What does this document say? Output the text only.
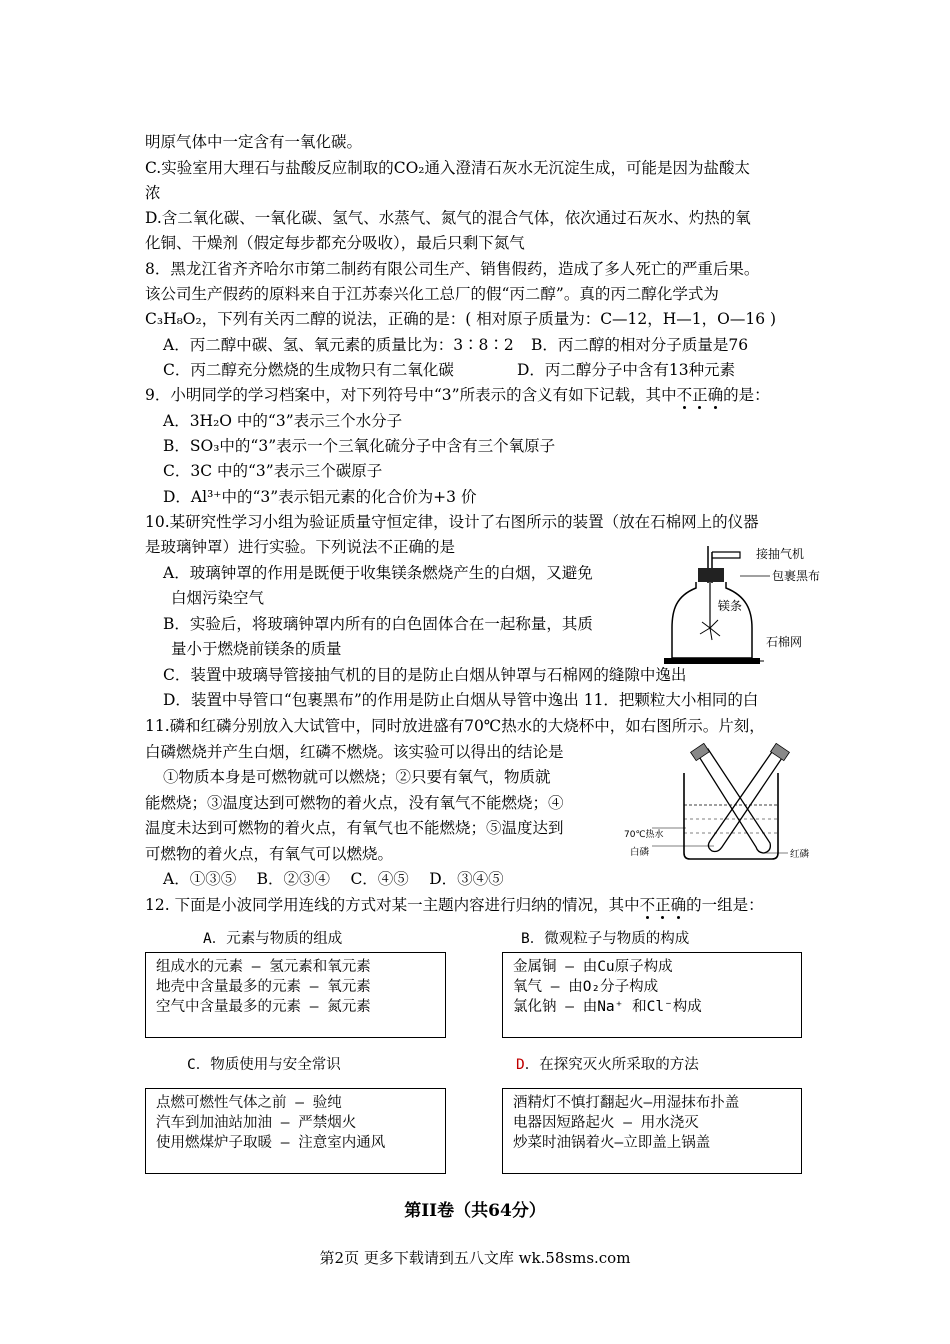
明原气体中一定含有一氧化碳。
C.实验室用大理石与盐酸反应制取的CO₂通入澄清石灰水无沉淀生成，可能是因为盐酸太
浓
D.含二氧化碳、一氧化碳、氢气、水蒸气、氮气的混合气体，依次通过石灰水、灼热的氧
化铜、干燥剂（假定每步都充分吸收），最后只剩下氮气
8．黑龙江省齐齐哈尔市第二制药有限公司生产、销售假药，造成了多人死亡的严重后果。
该公司生产假药的原料来自于江苏泰兴化工总厂的假“丙二醇”。真的丙二醇化学式为
C₃H₈O₂，下列有关丙二醇的说法，正确的是：( 相对原子质量为：C—12，H—1，O—16 )
A．丙二醇中碳、氢、氧元素的质量比为：3∶8∶2 B．丙二醇的相对分子质量是76
C．丙二醇充分燃烧的生成物只有二氧化碳	D．丙二醇分子中含有13种元素
9．小明同学的学习档案中，对下列符号中“3”所表示的含义有如下记载，其中不正确的是：
A．3H₂O 中的“3”表示三个水分子
B．SO₃中的“3”表示一个三氧化硫分子中含有三个氧原子
C．3C 中的“3”表示三个碳原子
D．Al³⁺中的“3”表示铝元素的化合价为+3 价
10.某研究性学习小组为验证质量守恒定律，设计了右图所示的装置（放在石棉网上的仪器
是玻璃钟罩）进行实验。下列说法不正确的是
A．玻璃钟罩的作用是既便于收集镁条燃烧产生的白烟，又避免
白烟污染空气
B．实验后，将玻璃钟罩内所有的白色固体合在一起称量，其质
量小于燃烧前镁条的质量
C．装置中玻璃导管接抽气机的目的是防止白烟从钟罩与石棉网的缝隙中逸出
D．装置中导管口“包裹黑布”的作用是防止白烟从导管中逸出 11．把颗粒大小相同的白
接抽气机
包裹黑布
镁条
石棉网
11.磷和红磷分别放入大试管中，同时放进盛有70℃热水的大烧杯中，如右图所示。片刻，
白磷燃烧并产生白烟，红磷不燃烧。该实验可以得出的结论是
①物质本身是可燃物就可以燃烧；②只要有氧气，物质就
能燃烧；③温度达到可燃物的着火点，没有氧气不能燃烧；④
温度未达到可燃物的着火点，有氧气也不能燃烧；⑤温度达到
可燃物的着火点，有氧气可以燃烧。
A．①③⑤　 B．②③④　 C．④⑤　 D．③④⑤
70℃热水
白磷	红磷
12. 下面是小波同学用连线的方式对某一主题内容进行归纳的情况，其中不正确的一组是：
A．元素与物质的组成
组成水的元素 — 氢元素和氧元素
地壳中含量最多的元素 — 氧元素
空气中含量最多的元素 — 氮元素
B．微观粒子与物质的构成
金属铜 — 由Cu原子构成
氧气 — 由O₂分子构成
氯化钠 — 由Na⁺ 和Cl⁻构成
C．物质使用与安全常识
点燃可燃性气体之前 — 验纯
汽车到加油站加油 — 严禁烟火
使用燃煤炉子取暖 — 注意室内通风
D．在探究灭火所采取的方法
酒精灯不慎打翻起火—用湿抹布扑盖
电器因短路起火 — 用水浇灭
炒菜时油锅着火—立即盖上锅盖
第II卷（共64分）
第2页 更多下载请到五八文库 wk.58sms.com
